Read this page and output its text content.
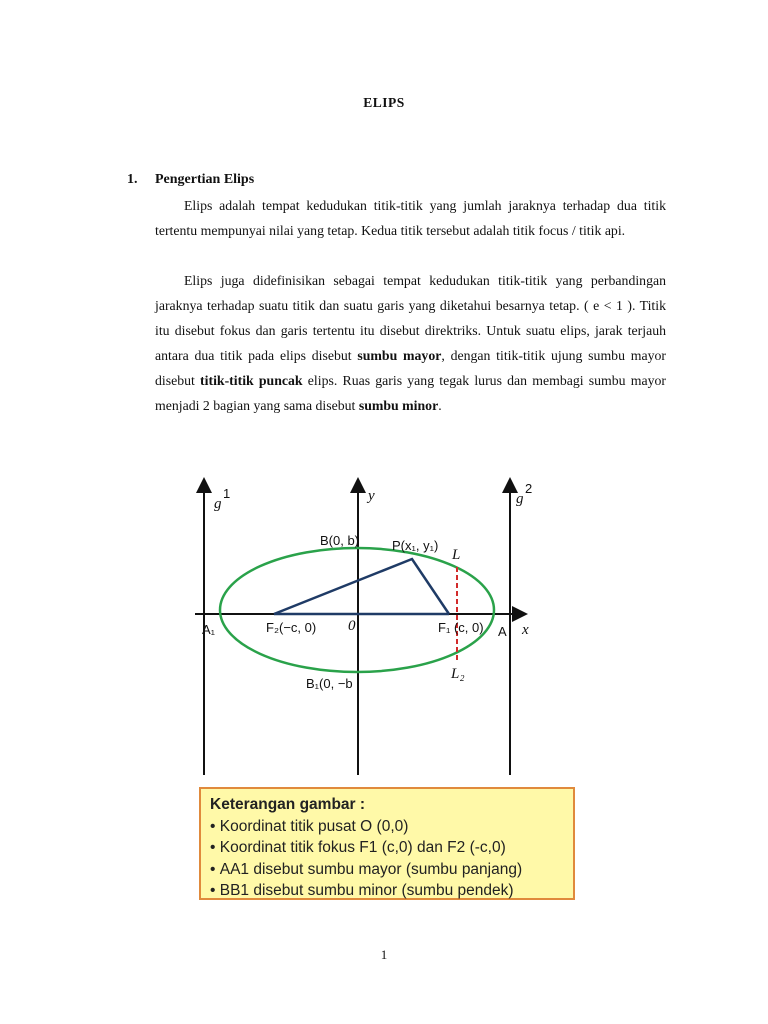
ELIPS
1. Pengertian Elips

Elips adalah tempat kedudukan titik-titik yang jumlah jaraknya terhadap dua titik tertentu mempunyai nilai yang tetap. Kedua titik tersebut adalah titik focus / titik api.

Elips juga didefinisikan sebagai tempat kedudukan titik-titik yang perbandingan jaraknya terhadap suatu titik dan suatu garis yang diketahui besarnya tetap. ( e < 1 ). Titik itu disebut fokus dan garis tertentu itu disebut direktriks. Untuk suatu elips, jarak terjauh antara dua titik pada elips disebut sumbu mayor, dengan titik-titik ujung sumbu mayor disebut titik-titik puncak elips. Ruas garis yang tegak lurus dan membagi sumbu mayor menjadi 2 bagian yang sama disebut sumbu minor.

g
1	g
2
y
B(0, b)	P(x₁, y₁)
L
A₁	F₂(−c, 0) 0	F₁ (c, 0) A x
B₁(0, −b
L₂
Keterangan gambar :
• Koordinat titik pusat O (0,0)
• Koordinat titik fokus F1 (c,0) dan F2 (-c,0)
• AA1 disebut sumbu mayor (sumbu panjang)
• BB1 disebut sumbu minor (sumbu pendek)
1
